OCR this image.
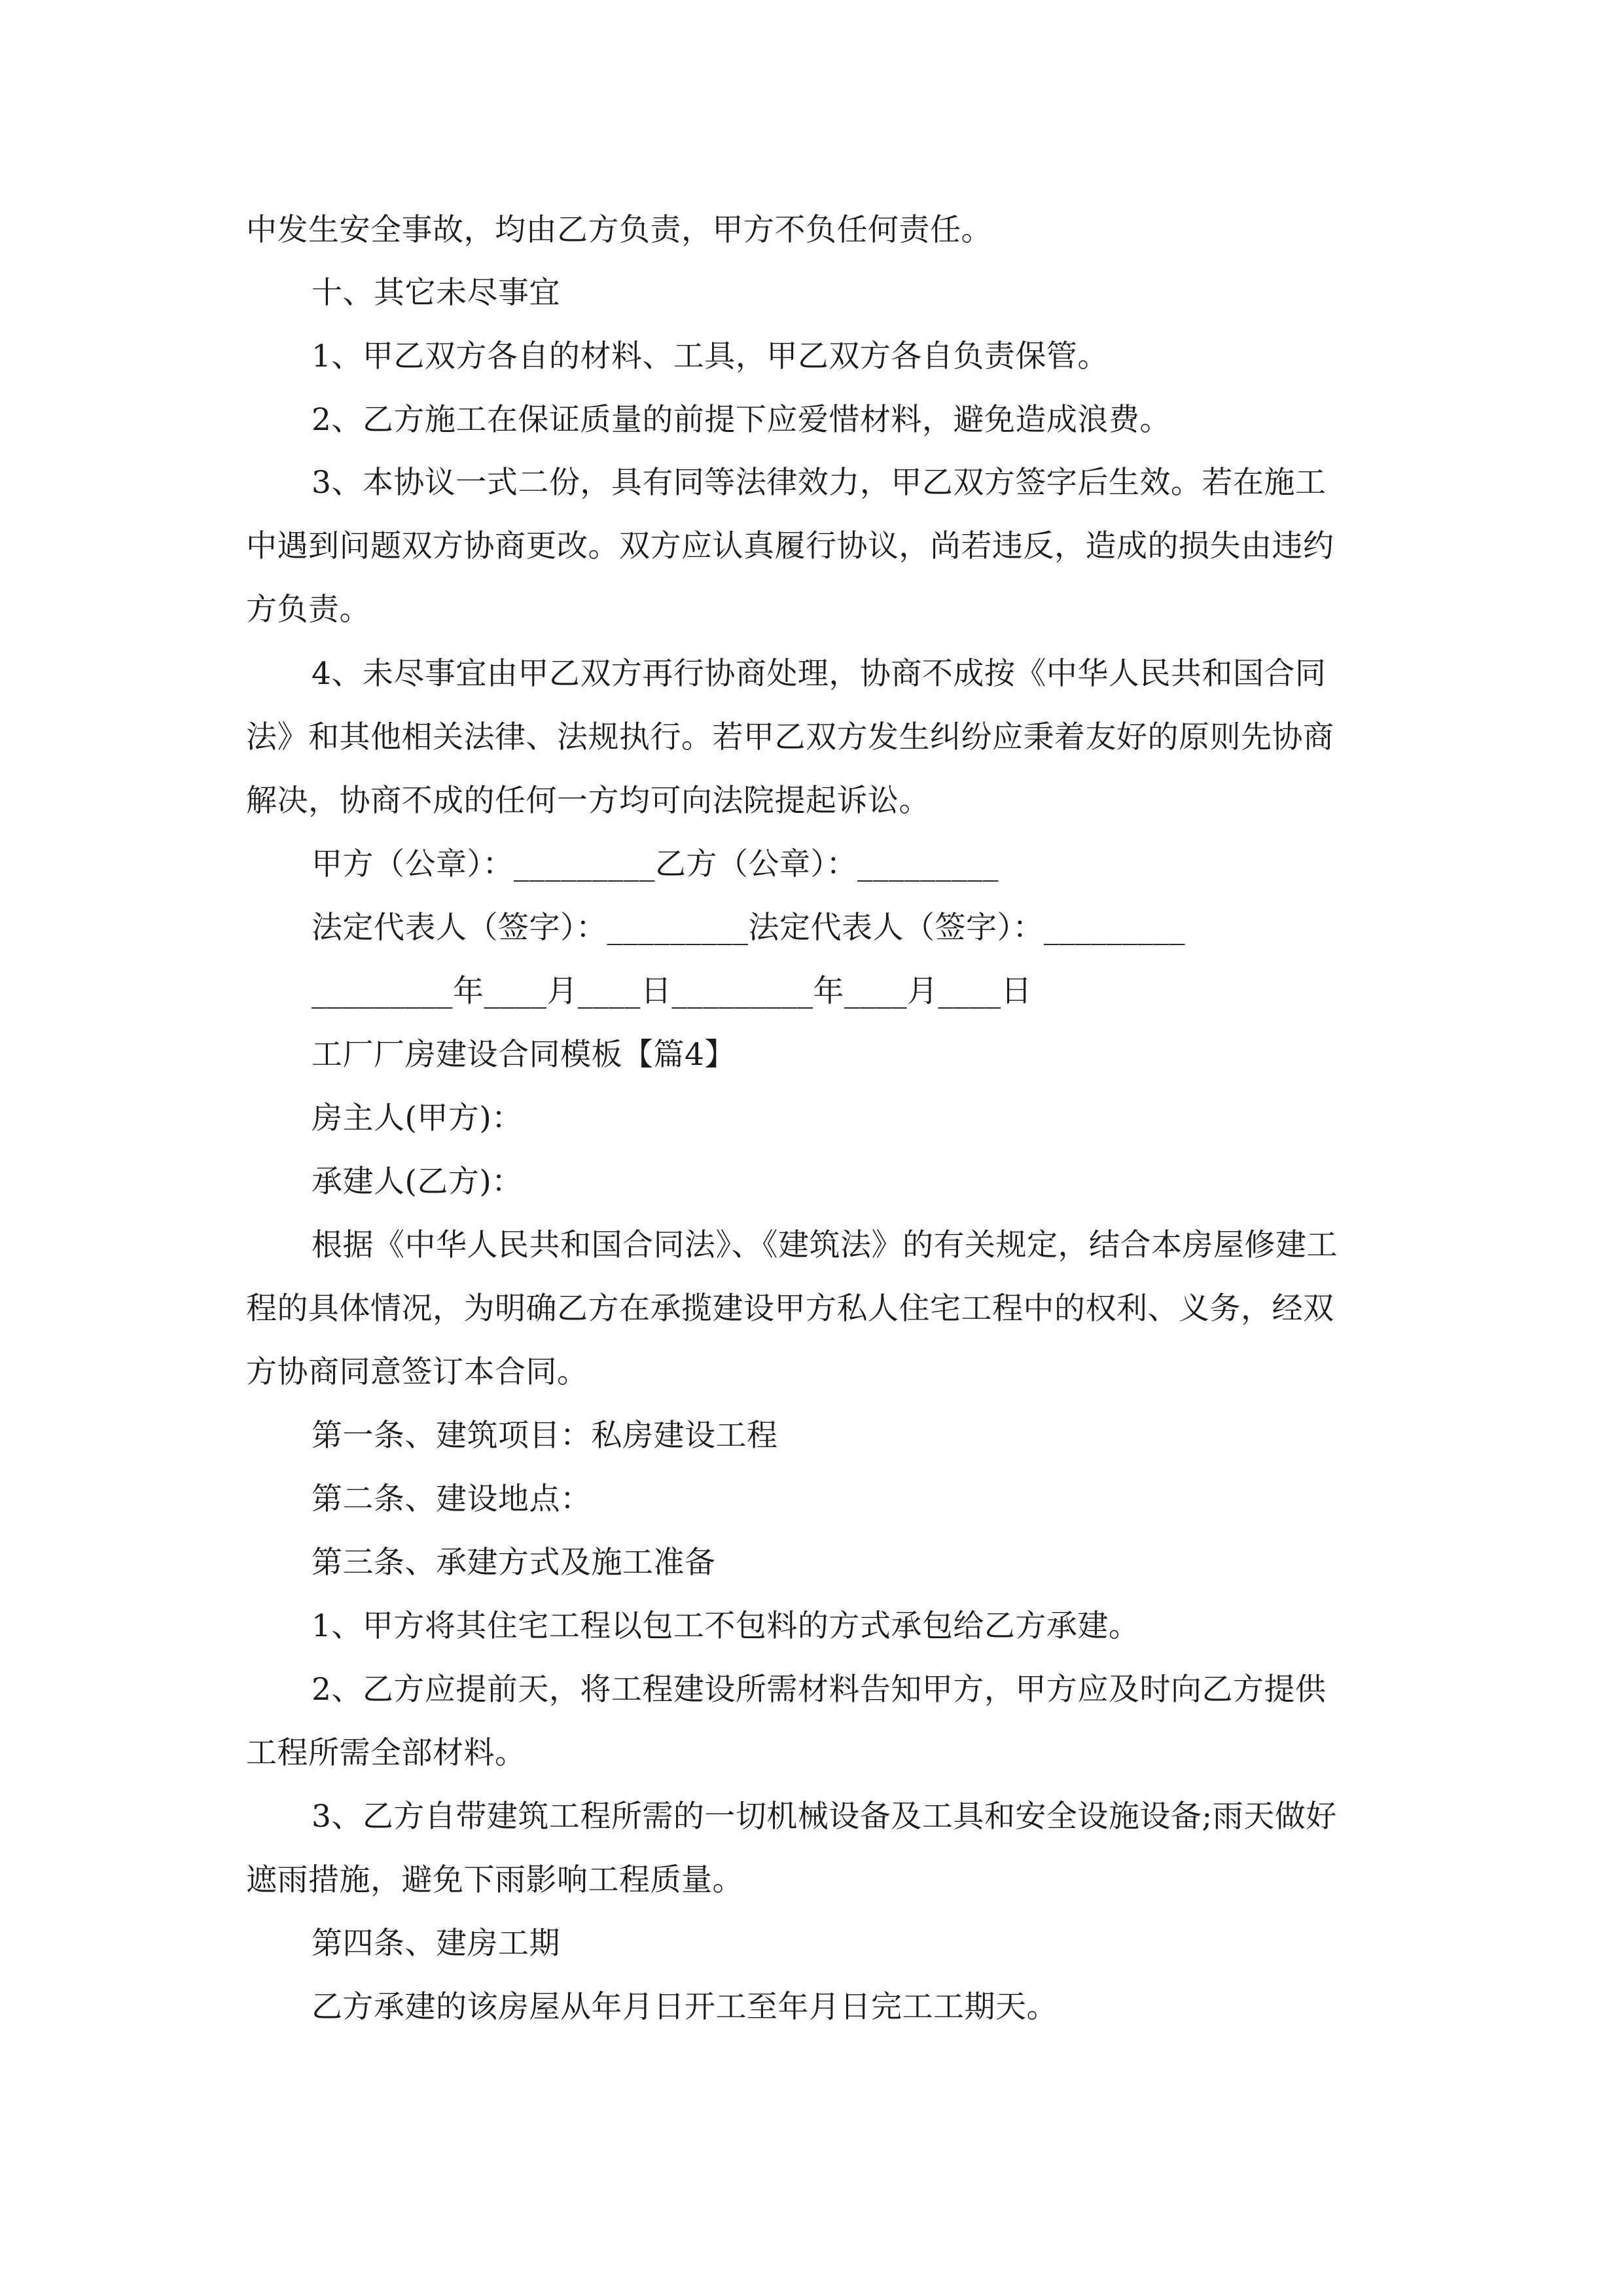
中发生安全事故，均由乙方负责，甲方不负任何责任。
十、其它未尽事宜
1、甲乙双方各自的材料、工具，甲乙双方各自负责保管。
2、乙方施工在保证质量的前提下应爱惜材料，避免造成浪费。
3、本协议一式二份，具有同等法律效力，甲乙双方签字后生效。若在施工
中遇到问题双方协商更改。双方应认真履行协议，尚若违反，造成的损失由违约
方负责。
4、未尽事宜由甲乙双方再行协商处理，协商不成按《中华人民共和国合同
法》和其他相关法律、法规执行。若甲乙双方发生纠纷应秉着友好的原则先协商
解决，协商不成的任何一方均可向法院提起诉讼。
甲方（公章）：_________乙方（公章）：_________
法定代表人（签字）：_________法定代表人（签字）：_________
_________年____月____日_________年____月____日
工厂厂房建设合同模板【篇4】
房主人(甲方)：
承建人(乙方)：
根据《中华人民共和国合同法》、《建筑法》的有关规定，结合本房屋修建工
程的具体情况，为明确乙方在承揽建设甲方私人住宅工程中的权利、义务，经双
方协商同意签订本合同。
第一条、建筑项目：私房建设工程
第二条、建设地点：
第三条、承建方式及施工准备
1、甲方将其住宅工程以包工不包料的方式承包给乙方承建。
2、乙方应提前天，将工程建设所需材料告知甲方，甲方应及时向乙方提供
工程所需全部材料。
3、乙方自带建筑工程所需的一切机械设备及工具和安全设施设备;雨天做好
遮雨措施，避免下雨影响工程质量。
第四条、建房工期
乙方承建的该房屋从年月日开工至年月日完工工期天。
